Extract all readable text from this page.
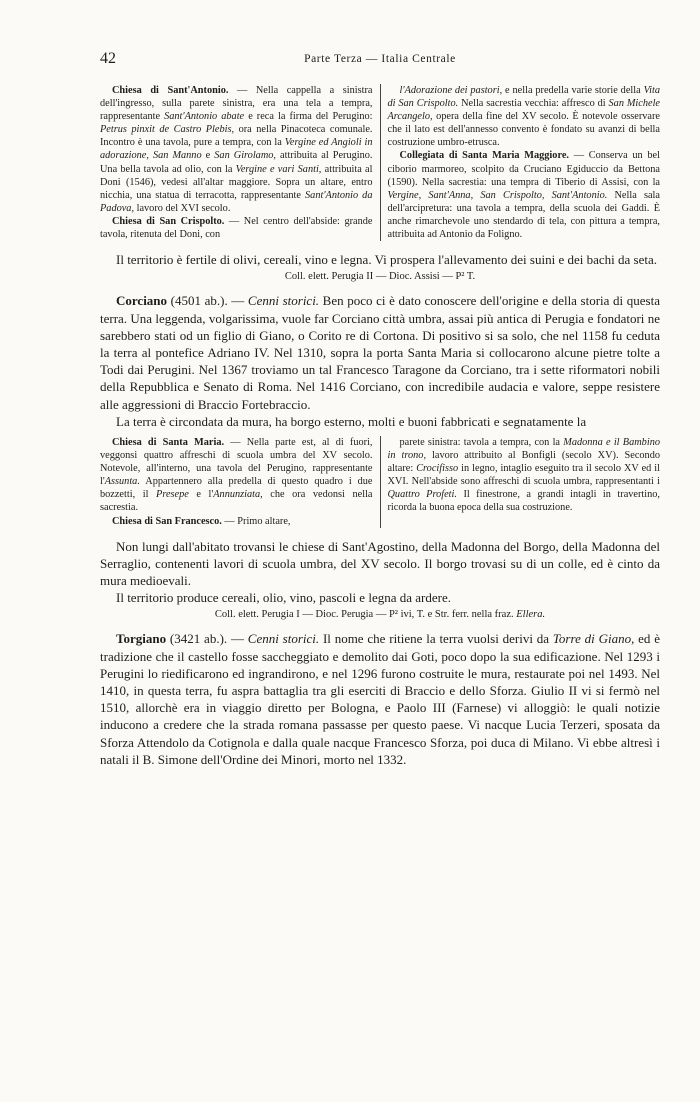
42	Parte Terza — Italia Centrale

Chiesa di Sant'Antonio. — Nella cappella a sinistra dell'ingresso, sulla parete sinistra, era una tela a tempra, rappresentante Sant'Antonio abate e reca la firma del Perugino: Petrus pinxit de Castro Plebis, ora nella Pinacoteca comunale. Incontro è una tavola, pure a tempra, con la Vergine ed Angioli in adorazione, San Manno e San Girolamo, attribuita al Perugino. Una bella tavola ad olio, con la Vergine e vari Santi, attribuita al Doni (1546), vedesi all'altar maggiore. Sopra un altare, entro nicchia, una statua di terracotta, rappresentante Sant'Antonio da Padova, lavoro del XVI secolo.

Chiesa di San Crispolto. — Nel centro dell'abside: grande tavola, ritenuta del Doni, con

l'Adorazione dei pastori, e nella predella varie storie della Vita di San Crispolto. Nella sacrestia vecchia: affresco di San Michele Arcangelo, opera della fine del XV secolo. È notevole osservare che il lato est dell'annesso convento è fondato su avanzi di bella costruzione umbro-etrusca.

Collegiata di Santa Maria Maggiore. — Conserva un bel ciborio marmoreo, scolpito da Cruciano Egiduccio da Bettona (1590). Nella sacrestia: una tempra di Tiberio di Assisi, con la Vergine, Sant'Anna, San Crispolto, Sant'Antonio. Nella sala dell'arcipretura: una tavola a tempra, della scuola dei Gaddi. È anche rimarchevole uno stendardo di tela, con pittura a tempra, attribuita ad Antonio da Foligno.

Il territorio è fertile di olivi, cereali, vino e legna. Vi prospera l'allevamento dei suini e dei bachi da seta.

Coll. elett. Perugia II — Dioc. Assisi — P² T.

Corciano (4501 ab.). — Cenni storici. Ben poco ci è dato conoscere dell'origine e della storia di questa terra. Una leggenda, volgarissima, vuole far Corciano città umbra, assai più antica di Perugia e fondatori ne sarebbero stati od un figlio di Giano, o Corito re di Cortona. Di positivo si sa solo, che nel 1158 fu ceduta la terra al pontefice Adriano IV. Nel 1310, sopra la porta Santa Maria si collocarono alcune pietre tolte a Todi dai Perugini. Nel 1367 troviamo un tal Francesco Taragone da Corciano, tra i sette riformatori nobili della Repubblica e Senato di Roma. Nel 1416 Corciano, con incredibile audacia e valore, seppe resistere alle aggressioni di Braccio Fortebraccio.

La terra è circondata da mura, ha borgo esterno, molti e buoni fabbricati e segnatamente la

Chiesa di Santa Maria. — Nella parte est, al di fuori, veggonsi quattro affreschi di scuola umbra del XV secolo. Notevole, all'interno, una tavola del Perugino, rappresentante l'Assunta. Appartennero alla predella di questo quadro i due bozzetti, il Presepe e l'Annunziata, che ora vedonsi nella sacrestia.

Chiesa di San Francesco. — Primo altare,

parete sinistra: tavola a tempra, con la Madonna e il Bambino in trono, lavoro attribuito al Bonfigli (secolo XV). Secondo altare: Crocifisso in legno, intaglio eseguito tra il secolo XV ed il XVI. Nell'abside sono affreschi di scuola umbra, rappresentanti i Quattro Profeti. Il finestrone, a grandi intagli in travertino, ricorda la buona epoca della sua costruzione.

Non lungi dall'abitato trovansi le chiese di Sant'Agostino, della Madonna del Borgo, della Madonna del Serraglio, contenenti lavori di scuola umbra, del XV secolo. Il borgo trovasi su di un colle, ed è cinto da mura medioevali.

Il territorio produce cereali, olio, vino, pascoli e legna da ardere.

Coll. elett. Perugia I — Dioc. Perugia — P² ivi, T. e Str. ferr. nella fraz. Ellera.

Torgiano (3421 ab.). — Cenni storici. Il nome che ritiene la terra vuolsi derivi da Torre di Giano, ed è tradizione che il castello fosse saccheggiato e demolito dai Goti, poco dopo la sua edificazione. Nel 1293 i Perugini lo riedificarono ed ingrandirono, e nel 1296 furono costruite le mura, restaurate poi nel 1493. Nel 1410, in questa terra, fu aspra battaglia tra gli eserciti di Braccio e dello Sforza. Giulio II vi si fermò nel 1510, allorchè era in viaggio diretto per Bologna, e Paolo III (Farnese) vi alloggiò: le quali notizie inducono a credere che la strada romana passasse per questo paese. Vi nacque Lucia Terzeri, sposata da Sforza Attendolo da Cotignola e dalla quale nacque Francesco Sforza, poi duca di Milano. Vi ebbe altresì i natali il B. Simone dell'Ordine dei Minori, morto nel 1332.
